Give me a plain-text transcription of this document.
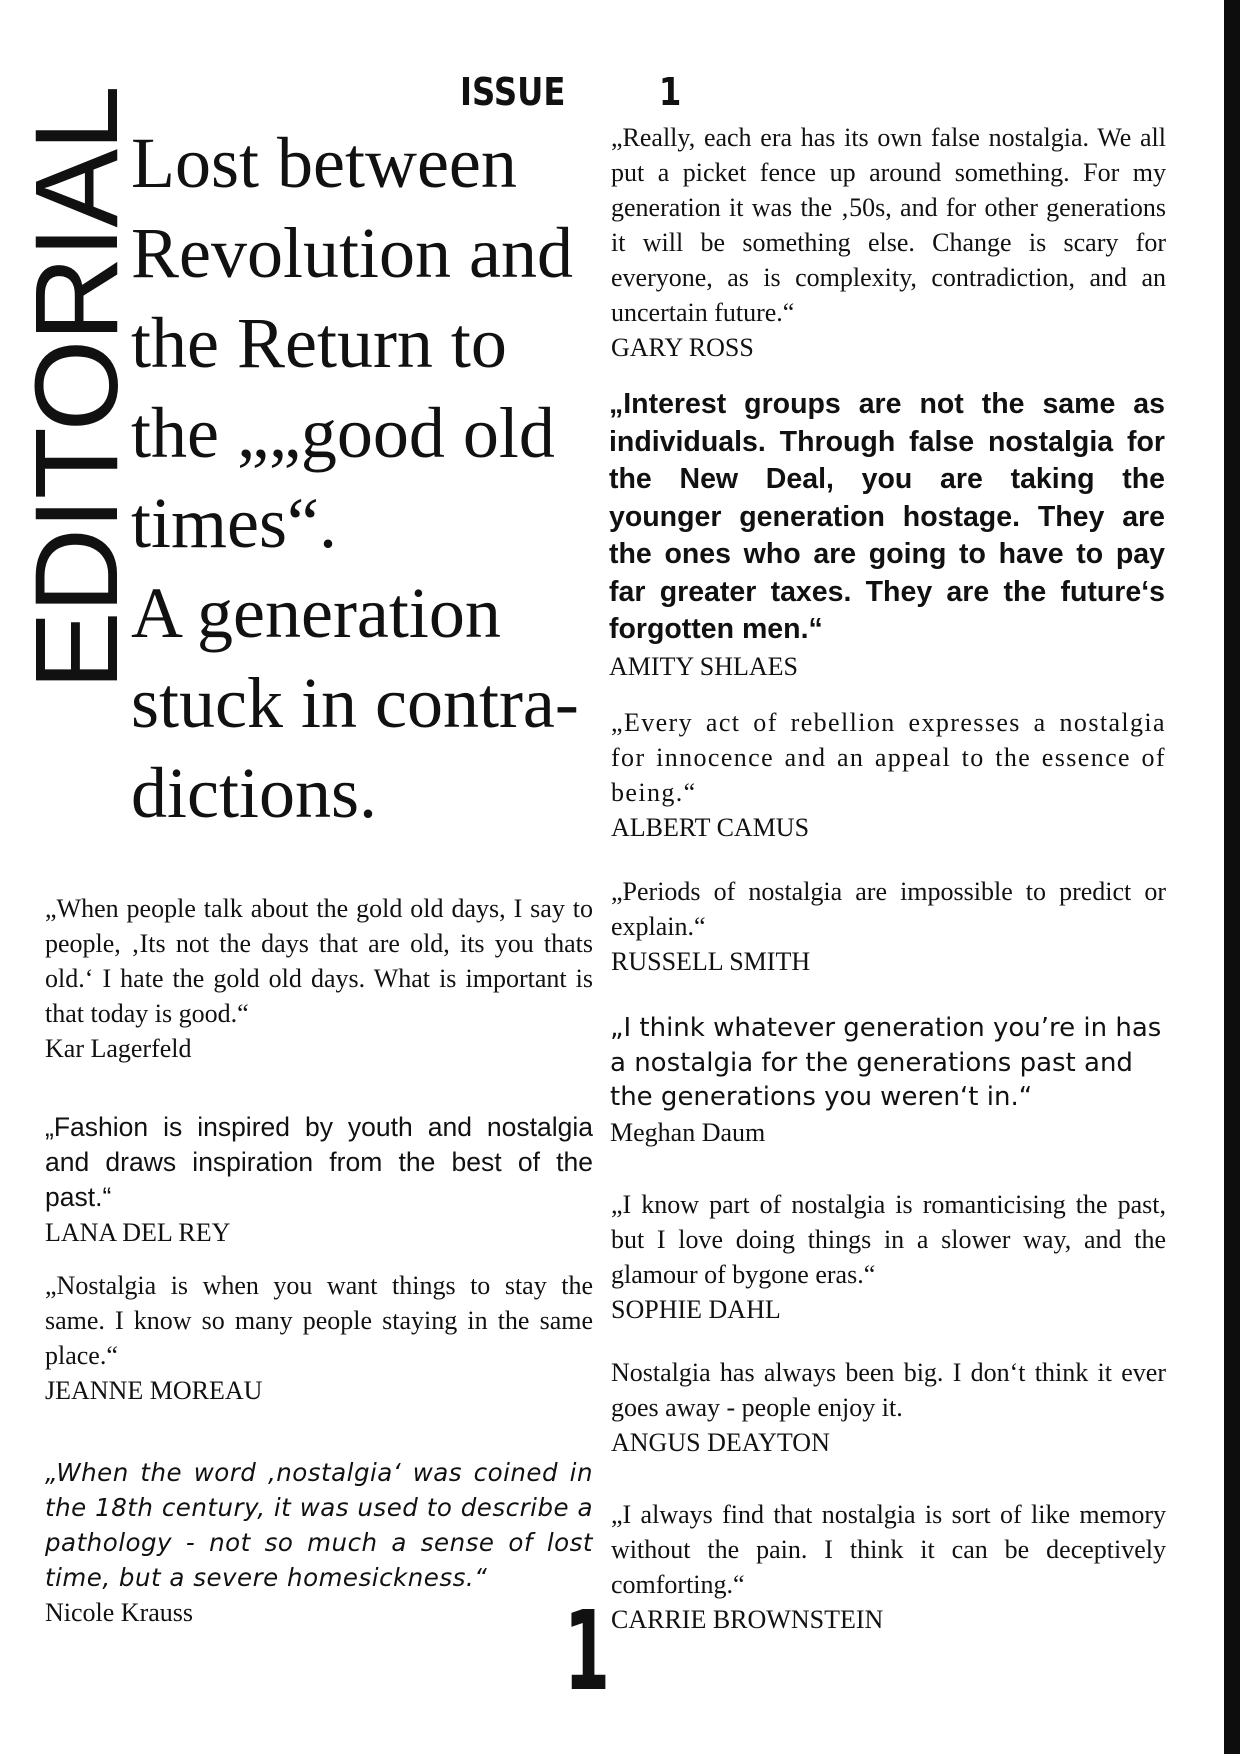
EDITORIAL	ISSUE 1
Lost between
Revolution and
the Return to
the „„good old
times“.
A generation
stuck in contra-
dictions.

„Really, each era has its own false nostalgia. We all put a picket fence up around something. For my generation it was the ‚50s, and for other generations it will be something else. Change is scary for everyone, as is complexity, contradiction, and an uncertain future.“

GARY ROSS

„Interest groups are not the same as individuals. Through false nostalgia for the New Deal, you are taking the younger generation hostage. They are the ones who are going to have to pay far greater taxes. They are the future‘s forgotten men.“

AMITY SHLAES

„Every act of rebellion expresses a nostalgia for innocence and an appeal to the essence of being.“

ALBERT CAMUS

„Periods of nostalgia are impossible to predict or explain.“

RUSSELL SMITH

„I think whatever generation you’re in has a nostalgia for the generations past and the generations you weren‘t in.“

Meghan Daum

„I know part of nostalgia is romanticising the past, but I love doing things in a slower way, and the glamour of bygone eras.“

SOPHIE DAHL

Nostalgia has always been big. I don‘t think it ever goes away - people enjoy it.

ANGUS DEAYTON

„I always find that nostalgia is sort of like memory without the pain. I think it can be deceptively comforting.“

CARRIE BROWNSTEIN

„When people talk about the gold old days, I say to people, ‚Its not the days that are old, its you thats old.‘ I hate the gold old days. What is important is that today is good.“

Kar Lagerfeld

„Fashion is inspired by youth and nostalgia and draws inspiration from the best of the past.“

LANA DEL REY

„Nostalgia is when you want things to stay the same. I know so many people staying in the same place.“

JEANNE MOREAU

„When the word ‚nostalgia‘ was coined in the 18th century, it was used to describe a pathology - not so much a sense of lost time, but a severe homesickness.“

Nicole Krauss	1
